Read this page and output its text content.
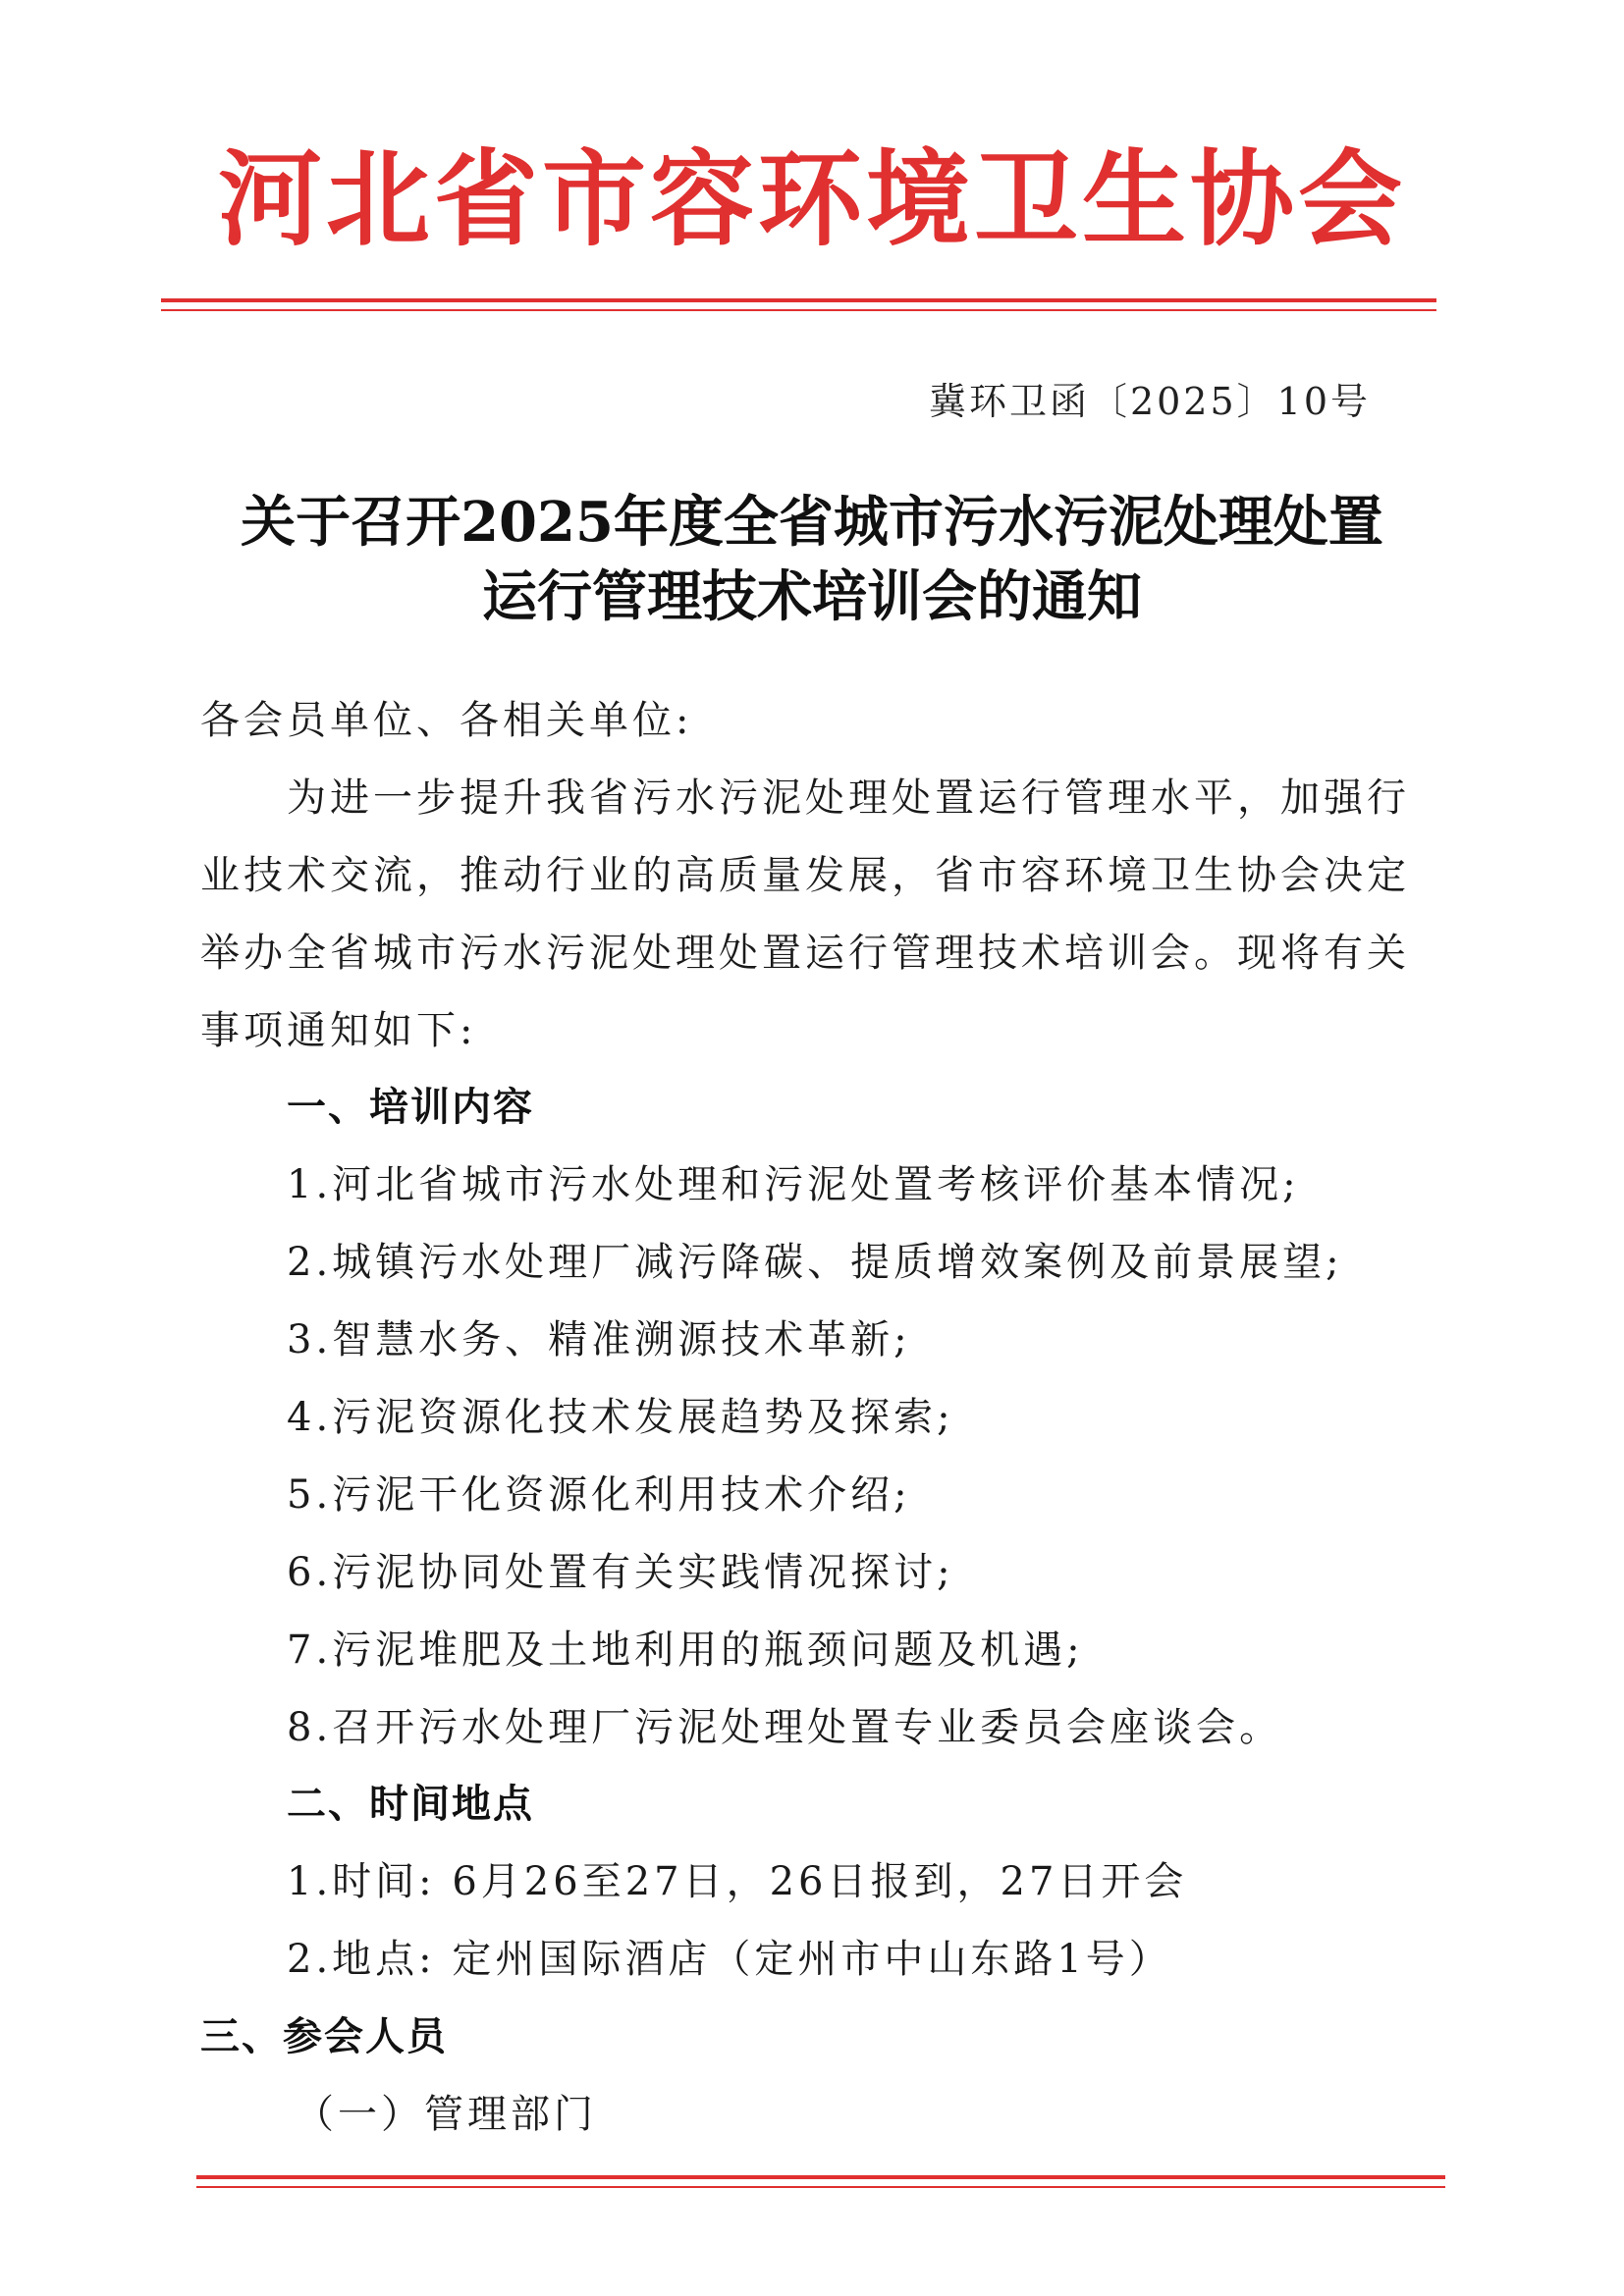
河北省市容环境卫生协会
冀环卫函〔2025〕10号
关于召开2025年度全省城市污水污泥处理处置
运行管理技术培训会的通知
各会员单位、各相关单位:
为进一步提升我省污水污泥处理处置运行管理水平，加强行
业技术交流，推动行业的高质量发展，省市容环境卫生协会决定
举办全省城市污水污泥处理处置运行管理技术培训会。现将有关
事项通知如下:
一、培训内容
1.河北省城市污水处理和污泥处置考核评价基本情况;
2.城镇污水处理厂减污降碳、提质增效案例及前景展望;
3.智慧水务、精准溯源技术革新;
4.污泥资源化技术发展趋势及探索;
5.污泥干化资源化利用技术介绍;
6.污泥协同处置有关实践情况探讨;
7.污泥堆肥及土地利用的瓶颈问题及机遇;
8.召开污水处理厂污泥处理处置专业委员会座谈会。
二、时间地点
1.时间: 6月26至27日，26日报到，27日开会
2.地点: 定州国际酒店（定州市中山东路1号）
三、参会人员
（一）管理部门
